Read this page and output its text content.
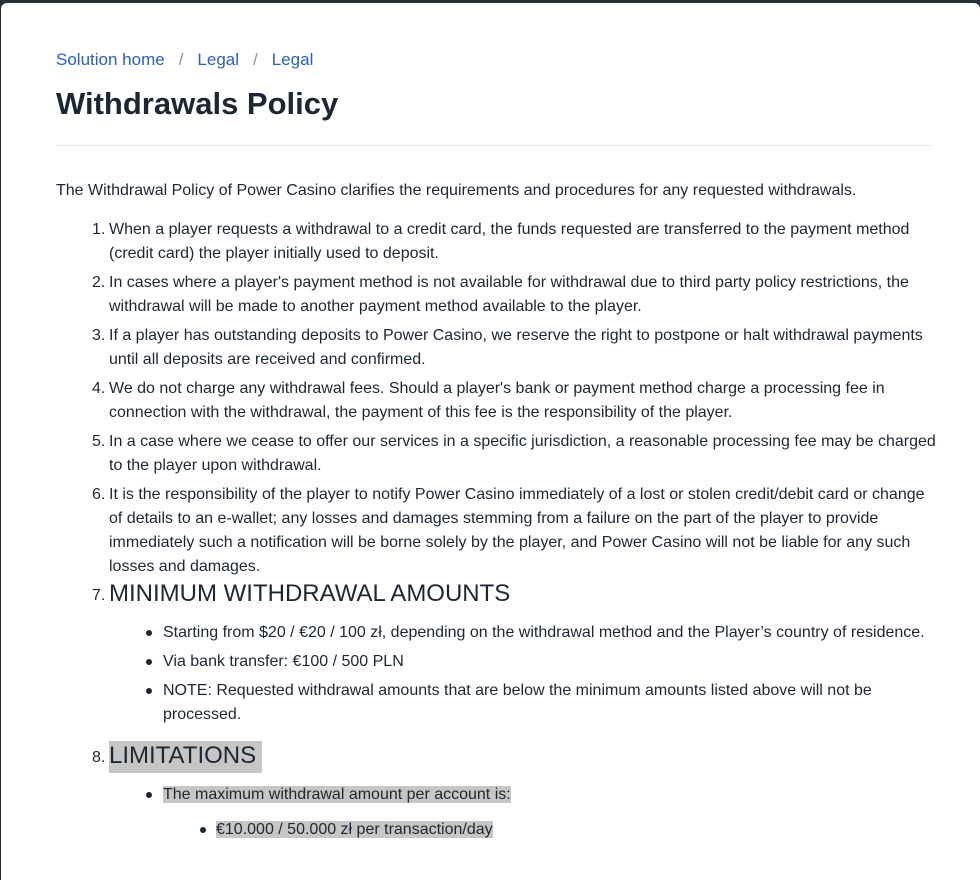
Solution home / Legal / Legal
Withdrawals Policy

The Withdrawal Policy of Power Casino clarifies the requirements and procedures for any requested withdrawals.

1. When a player requests a withdrawal to a credit card, the funds requested are transferred to the payment method (credit card) the player initially used to deposit.
2. In cases where a player's payment method is not available for withdrawal due to third party policy restrictions, the withdrawal will be made to another payment method available to the player.
3. If a player has outstanding deposits to Power Casino, we reserve the right to postpone or halt withdrawal payments until all deposits are received and confirmed.
4. We do not charge any withdrawal fees. Should a player's bank or payment method charge a processing fee in connection with the withdrawal, the payment of this fee is the responsibility of the player.
5. In a case where we cease to offer our services in a specific jurisdiction, a reasonable processing fee may be charged to the player upon withdrawal.
6. It is the responsibility of the player to notify Power Casino immediately of a lost or stolen credit/debit card or change of details to an e-wallet; any losses and damages stemming from a failure on the part of the player to provide immediately such a notification will be borne solely by the player, and Power Casino will not be liable for any such losses and damages.
7. MINIMUM WITHDRAWAL AMOUNTS
Starting from $20 / €20 / 100 zł, depending on the withdrawal method and the Player’s country of residence.
Via bank transfer: €100 / 500 PLN
NOTE: Requested withdrawal amounts that are below the minimum amounts listed above will not be processed.
8. LIMITATIONS
The maximum withdrawal amount per account is:
€10.000 / 50.000 zł per transaction/day
